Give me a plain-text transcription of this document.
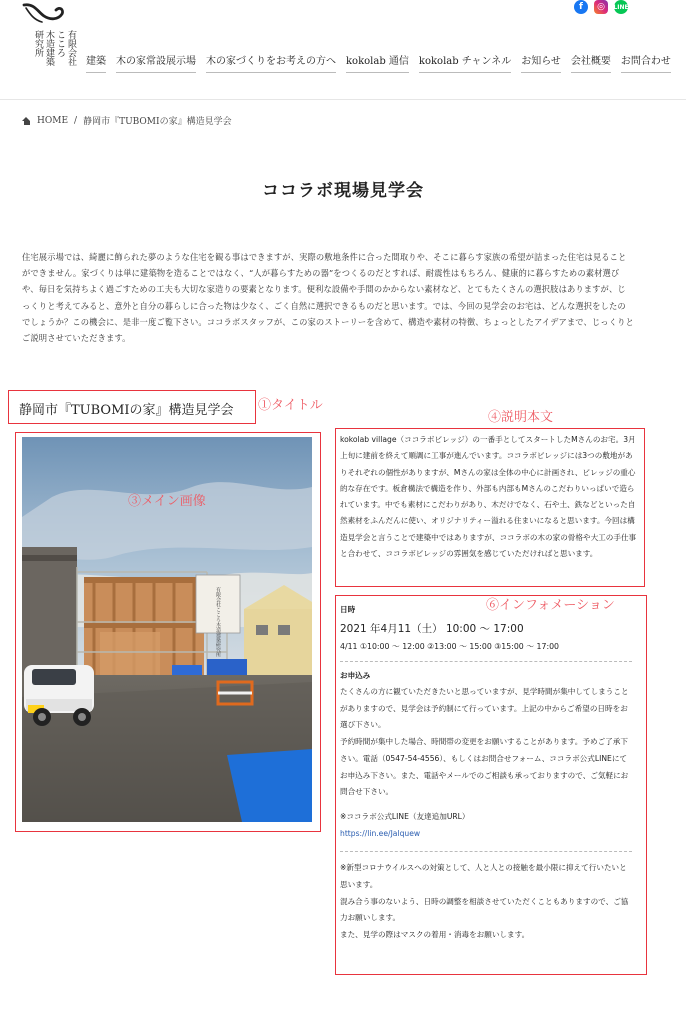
有限会社
こころ
木造建築
研究所
f	◎	LINE
建築 木の家常設展示場 木の家づくりをお考えの方へ kokolab 通信 kokolab チャンネル お知らせ 会社概要 お問合わせ
HOME / 静岡市『TUBOMIの家』構造見学会
ココラボ現場見学会

住宅展示場では、綺麗に飾られた夢のような住宅を観る事はできますが、実際の敷地条件に合った間取りや、そこに暮らす家族の希望が詰まった住宅は見ることができません。家づくりは単に建築物を造ることではなく、“人が暮らすための器”をつくるのだとすれば、耐震性はもちろん、健康的に暮らすための素材選びや、毎日を気持ちよく過ごすための工夫も大切な家造りの要素となります。便利な設備や手間のかからない素材など、とてもたくさんの選択肢はありますが、じっくりと考えてみると、意外と自分の暮らしに合った物は少なく、ごく自然に選択できるものだと思います。では、今回の見学会のお宅は、どんな選択をしたのでしょうか？この機会に、是非一度ご覧下さい。ココラボスタッフが、この家のストーリーを含めて、構造や素材の特徴、ちょっとしたアイデアまで、じっくりとご説明させていただきます。

静岡市『TUBOMIの家』構造見学会 ①タイトル
有限会社こころ木造建築研究所
③メイン画像
④説明本文

kokolab village（ココラボビレッジ）の一番手としてスタートしたMさんのお宅。3月上旬に建前を終えて順調に工事が進んでいます。ココラボビレッジには3つの敷地がありそれぞれの個性がありますが、Mさんの家は全体の中心に計画され、ビレッジの重心的な存在です。板倉構法で構造を作り、外部も内部もMさんのこだわりいっぱいで造られています。中でも素材にこだわりがあり、木だけでなく、石や土、鉄などといった自然素材をふんだんに使い、オリジナリティー溢れる住まいになると思います。今回は構造見学会と言うことで建築中ではありますが、ココラボの木の家の骨格や大工の手仕事と合わせて、ココラボビレッジの雰囲気を感じていただければと思います。

⑥インフォメーション
日時
2021 年4月11（土） 10:00 〜 17:00
4/11 ①10:00 〜 12:00 ②13:00 〜 15:00 ③15:00 〜 17:00
お申込み

たくさんの方に観ていただきたいと思っていますが、見学時間が集中してしまうことがありますので、見学会は予約制にて行っています。上記の中からご希望の日時をお選び下さい。

予約時間が集中した場合、時間帯の変更をお願いすることがあります。予めご了承下さい。電話（0547-54-4556）、もしくはお問合せフォーム、ココラボ公式LINEにてお申込み下さい。また、電話やメールでのご相談も承っておりますので、ご気軽にお問合せ下さい。

※ココラボ公式LINE（友達追加URL）

https://lin.ee/Jalquew

※新型コロナウイルスへの対策として、人と人との接触を最小限に抑えて行いたいと思います。

混み合う事のないよう、日時の調整を相談させていただくこともありますので、ご協力お願いします。

また、見学の際はマスクの着用・消毒をお願いします。
